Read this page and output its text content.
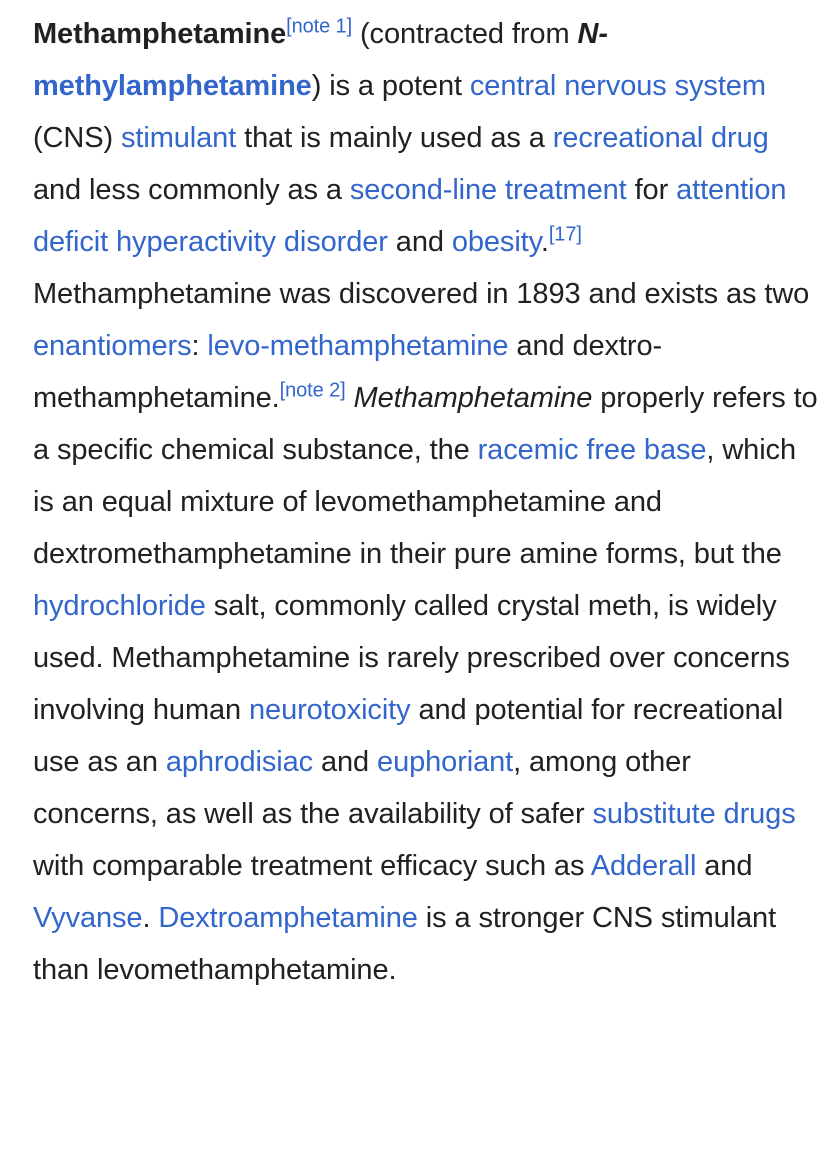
Methamphetamine[note 1] (contracted from N-methylamphetamine) is a potent central nervous system (CNS) stimulant that is mainly used as a recreational drug and less commonly as a second-line treatment for attention deficit hyperactivity disorder and obesity.[17] Methamphetamine was discovered in 1893 and exists as two enantiomers: levo-methamphetamine and dextro-methamphetamine.[note 2] Methamphetamine properly refers to a specific chemical substance, the racemic free base, which is an equal mixture of levomethamphetamine and dextromethamphetamine in their pure amine forms, but the hydrochloride salt, commonly called crystal meth, is widely used. Methamphetamine is rarely prescribed over concerns involving human neurotoxicity and potential for recreational use as an aphrodisiac and euphoriant, among other concerns, as well as the availability of safer substitute drugs with comparable treatment efficacy such as Adderall and Vyvanse. Dextroamphetamine is a stronger CNS stimulant than levomethamphetamine.
